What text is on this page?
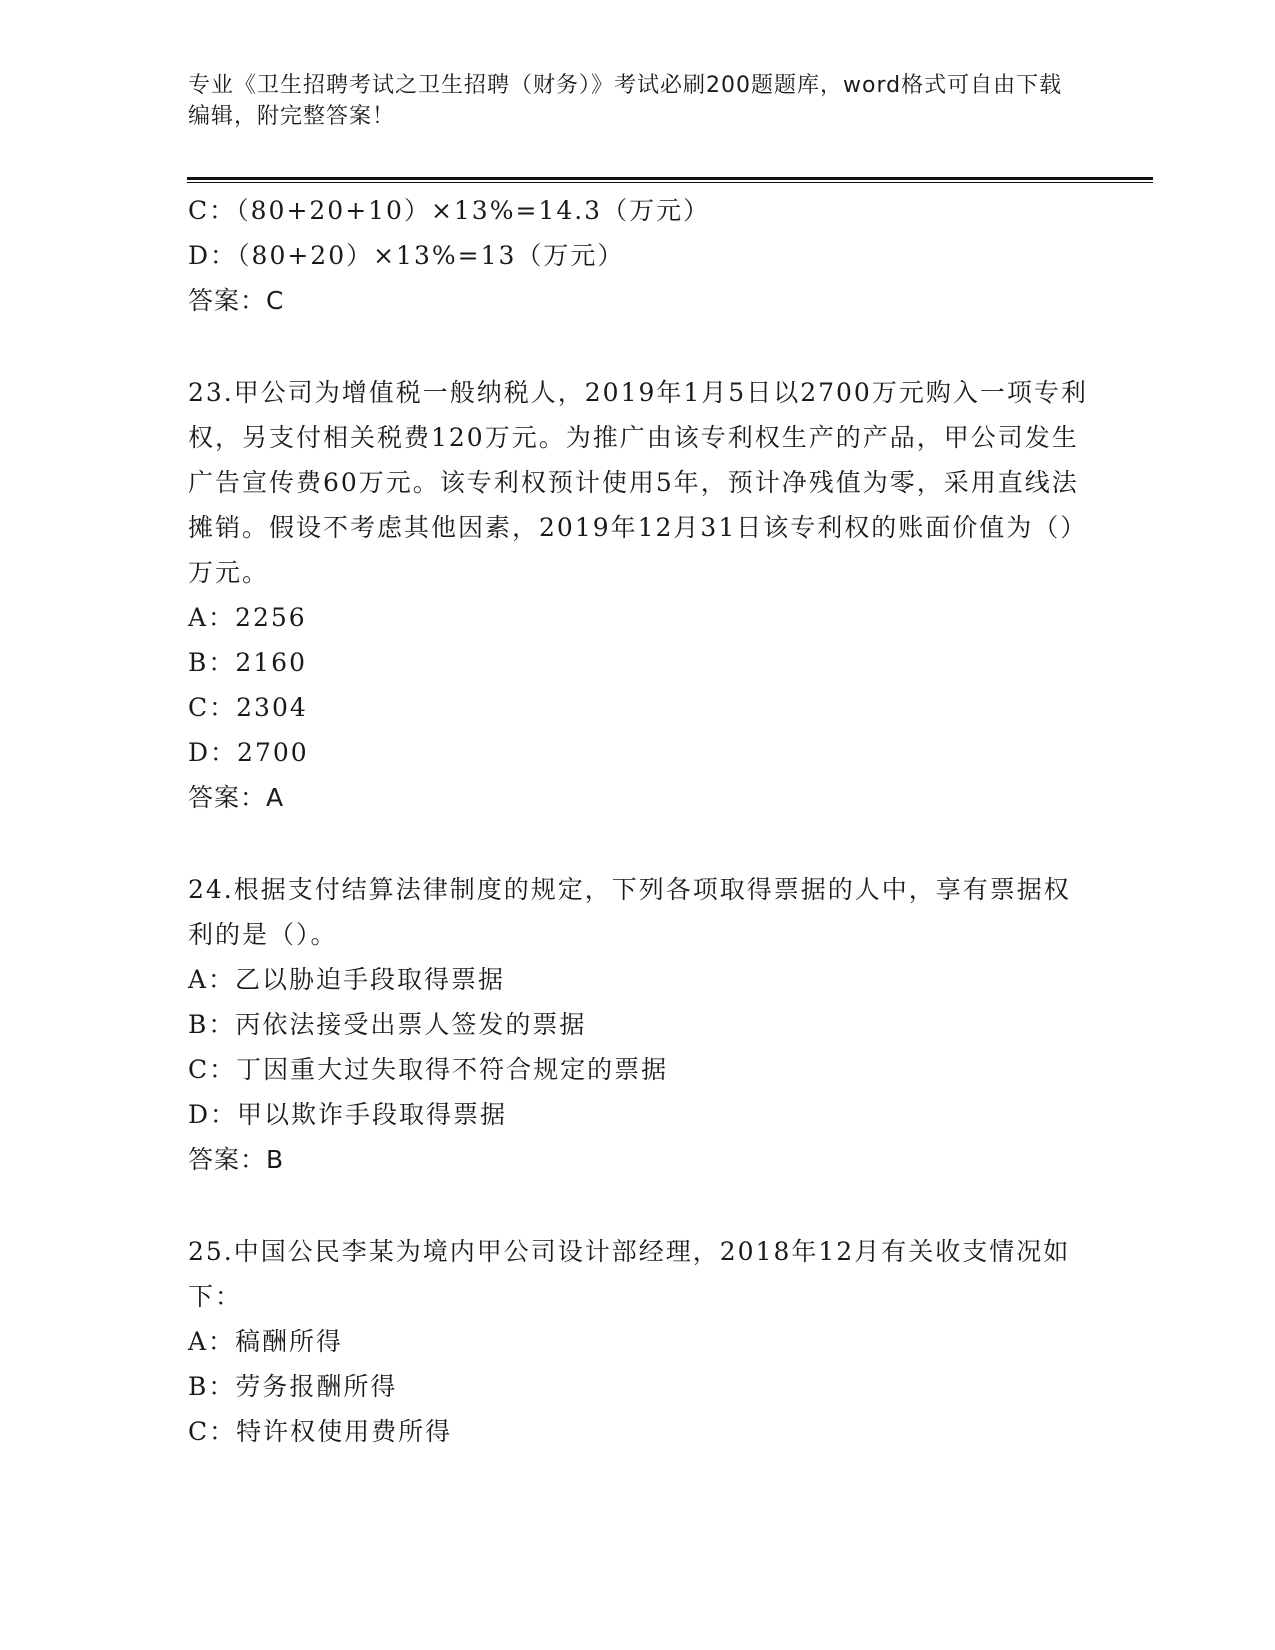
专业《卫生招聘考试之卫生招聘（财务）》考试必刷200题题库，word格式可自由下载编辑，附完整答案！

C：（80+20+10）×13%=14.3（万元）

D：（80+20）×13%=13（万元）

答案：C

23.甲公司为增值税一般纳税人，2019年1月5日以2700万元购入一项专利权，另支付相关税费120万元。为推广由该专利权生产的产品，甲公司发生广告宣传费60万元。该专利权预计使用5年，预计净残值为零，采用直线法摊销。假设不考虑其他因素，2019年12月31日该专利权的账面价值为（）万元。

A：2256

B：2160

C：2304

D：2700

答案：A

24.根据支付结算法律制度的规定，下列各项取得票据的人中，享有票据权利的是（）。

A：乙以胁迫手段取得票据

B：丙依法接受出票人签发的票据

C：丁因重大过失取得不符合规定的票据

D：甲以欺诈手段取得票据

答案：B

25.中国公民李某为境内甲公司设计部经理，2018年12月有关收支情况如下：

A：稿酬所得

B：劳务报酬所得

C：特许权使用费所得
